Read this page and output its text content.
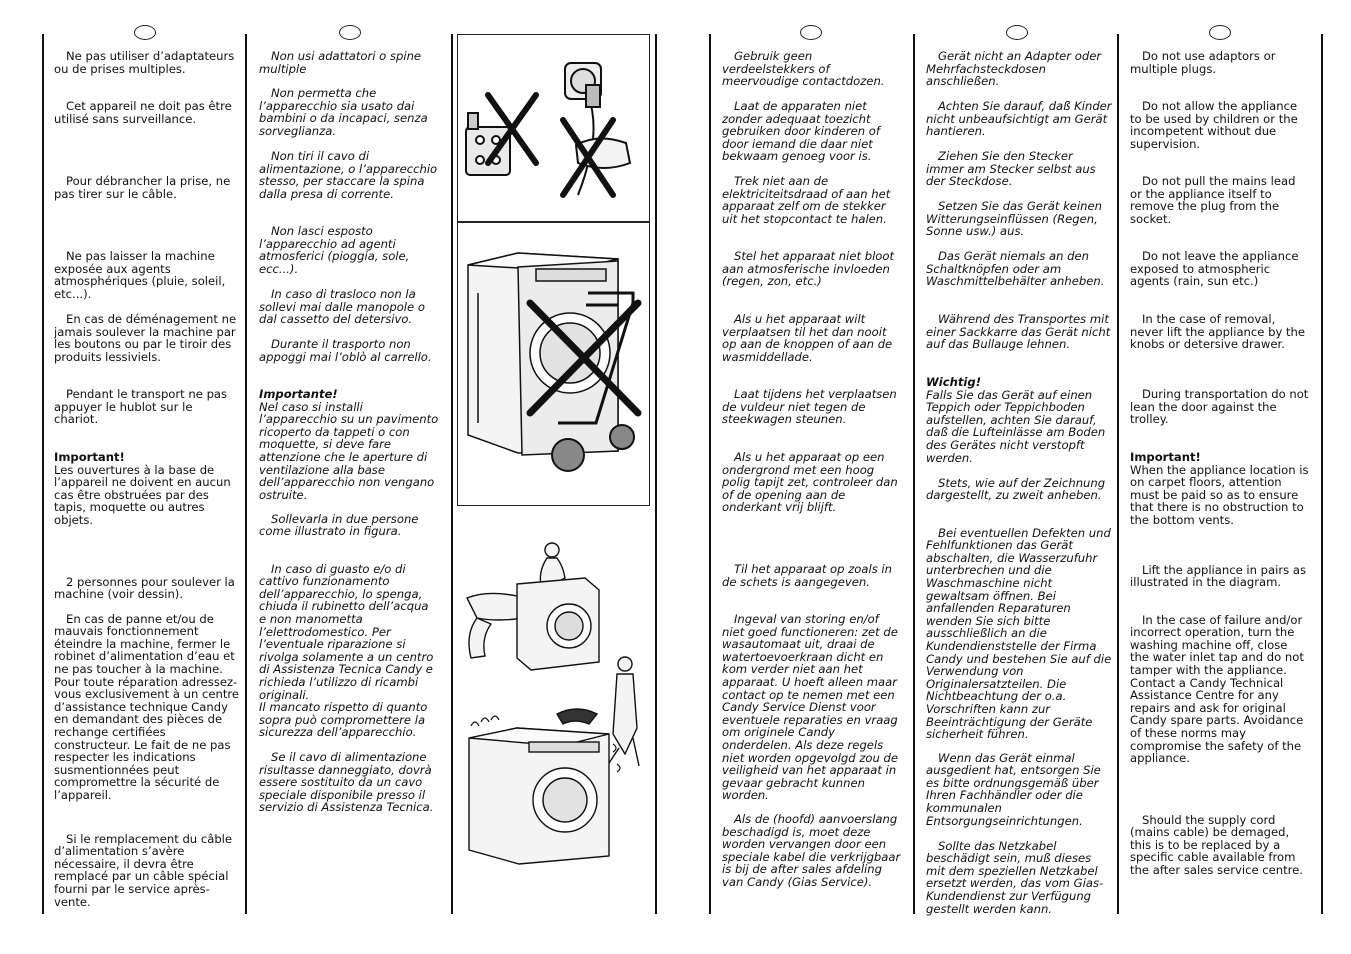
Ne pas utiliser d’adaptateurs ou de prises multiples.

Cet appareil ne doit pas être utilisé sans surveillance.

Pour débrancher la prise, ne pas tirer sur le câble.

Ne pas laisser la machine exposée aux agents atmosphériques (pluie, soleil, etc...).

En cas de déménagement ne jamais soulever la machine par les boutons ou par le tiroir des produits lessiviels.

Pendant le transport ne pas appuyer le hublot sur le chariot.

Important!

Les ouvertures à la base de l’appareil ne doivent en aucun cas être obstruées par des tapis, moquette ou autres objets.

2 personnes pour soulever la machine (voir dessin).

En cas de panne et/ou de mauvais fonctionnement éteindre la machine, fermer le robinet d’alimentation d’eau et ne pas toucher à la machine. Pour toute réparation adressez-vous exclusivement à un centre d’assistance technique Candy en demandant des pièces de rechange certifiées constructeur. Le fait de ne pas respecter les indications susmentionnées peut compromettre la sécurité de l’appareil.

Si le remplacement du câble d’alimentation s’avère nécessaire, il devra être remplacé par un câble spécial fourni par le service après-vente.

Non usi adattatori o spine multiple

Non permetta che l’apparecchio sia usato dai bambini o da incapaci, senza sorveglianza.

Non tiri il cavo di alimentazione, o l’apparecchio stesso, per staccare la spina dalla presa di corrente.

Non lasci esposto l’apparecchio ad agenti atmosferici (pioggia, sole, ecc...).

In caso di trasloco non la sollevi mai dalle manopole o dal cassetto del detersivo.

Durante il trasporto non appoggi mai l’oblò al carrello.

Importante!

Nel caso si installi l’apparecchio su un pavimento ricoperto da tappeti o con moquette, si deve fare attenzione che le aperture di ventilazione alla base dell’apparecchio non vengano ostruite.

Sollevarla in due persone come illustrato in figura.

In caso di guasto e/o di cattivo funzionamento dell’apparecchio, lo spenga, chiuda il rubinetto dell’acqua e non manometta l’elettrodomestico. Per l’eventuale riparazione si rivolga solamente a un centro di Assistenza Tecnica Candy e richieda l’utilizzo di ricambi originali.

Il mancato rispetto di quanto sopra può compromettere la sicurezza dell’apparecchio.

Se il cavo di alimentazione risultasse danneggiato, dovrà essere sostituito da un cavo speciale disponibile presso il servizio di Assistenza Tecnica.

Gebruik geen verdeelstekkers of meervoudige contactdozen.

Laat de apparaten niet zonder adequaat toezicht gebruiken door kinderen of door iemand die daar niet bekwaam genoeg voor is.

Trek niet aan de elektriciteitsdraad of aan het apparaat zelf om de stekker uit het stopcontact te halen.

Stel het apparaat niet bloot aan atmosferische invloeden (regen, zon, etc.)

Als u het apparaat wilt verplaatsen til het dan nooit op aan de knoppen of aan de wasmiddellade.

Laat tijdens het verplaatsen de vuldeur niet tegen de steekwagen steunen.

Als u het apparaat op een ondergrond met een hoog polig tapijt zet, controleer dan of de opening aan de onderkant vrij blijft.

Til het apparaat op zoals in de schets is aangegeven.

Ingeval van storing en/of niet goed functioneren: zet de wasautomaat uit, draai de watertoevoerkraan dicht en kom verder niet aan het apparaat. U hoeft alleen maar contact op te nemen met een Candy Service Dienst voor eventuele reparaties en vraag om originele Candy onderdelen. Als deze regels niet worden opgevolgd zou de veiligheid van het apparaat in gevaar gebracht kunnen worden.

Als de (hoofd) aanvoerslang beschadigd is, moet deze worden vervangen door een speciale kabel die verkrijgbaar is bij de after sales afdeling van Candy (Gias Service).

Gerät nicht an Adapter oder Mehrfachsteckdosen anschließen.

Achten Sie darauf, daß Kinder nicht unbeaufsichtigt am Gerät hantieren.

Ziehen Sie den Stecker immer am Stecker selbst aus der Steckdose.

Setzen Sie das Gerät keinen Witterungseinflüssen (Regen, Sonne usw.) aus.

Das Gerät niemals an den Schaltknöpfen oder am Waschmittelbehälter anheben.

Während des Transportes mit einer Sackkarre das Gerät nicht auf das Bullauge lehnen.

Wichtig!

Falls Sie das Gerät auf einen Teppich oder Teppichboden aufstellen, achten Sie darauf, daß die Lufteinlässe am Boden des Gerätes nicht verstopft werden.

Stets, wie auf der Zeichnung dargestellt, zu zweit anheben.

Bei eventuellen Defekten und Fehlfunktionen das Gerät abschalten, die Wasserzufuhr unterbrechen und die Waschmaschine nicht gewaltsam öffnen. Bei anfallenden Reparaturen wenden Sie sich bitte ausschließlich an die Kundendienststelle der Firma Candy und bestehen Sie auf die Verwendung von Originalersatzteilen. Die Nichtbeachtung der o.a. Vorschriften kann zur Beeinträchtigung der Geräte sicherheit führen.

Wenn das Gerät einmal ausgedient hat, entsorgen Sie es bitte ordnungsgemäß über Ihren Fachhändler oder die kommunalen Entsorgungseinrichtungen.

Sollte das Netzkabel beschädigt sein, muß dieses mit dem speziellen Netzkabel ersetzt werden, das vom Gias-Kundendienst zur Verfügung gestellt werden kann.

Do not use adaptors or multiple plugs.

Do not allow the appliance to be used by children or the incompetent without due supervision.

Do not pull the mains lead or the appliance itself to remove the plug from the socket.

Do not leave the appliance exposed to atmospheric agents (rain, sun etc.)

In the case of removal, never lift the appliance by the knobs or detersive drawer.

During transportation do not lean the door against the trolley.

Important!

When the appliance location is on carpet floors, attention must be paid so as to ensure that there is no obstruction to the bottom vents.

Lift the appliance in pairs as illustrated in the diagram.

In the case of failure and/or incorrect operation, turn the washing machine off, close the water inlet tap and do not tamper with the appliance. Contact a Candy Technical Assistance Centre for any repairs and ask for original Candy spare parts. Avoidance of these norms may compromise the safety of the appliance.

Should the supply cord (mains cable) be demaged, this is to be replaced by a specific cable available from the after sales service centre.
